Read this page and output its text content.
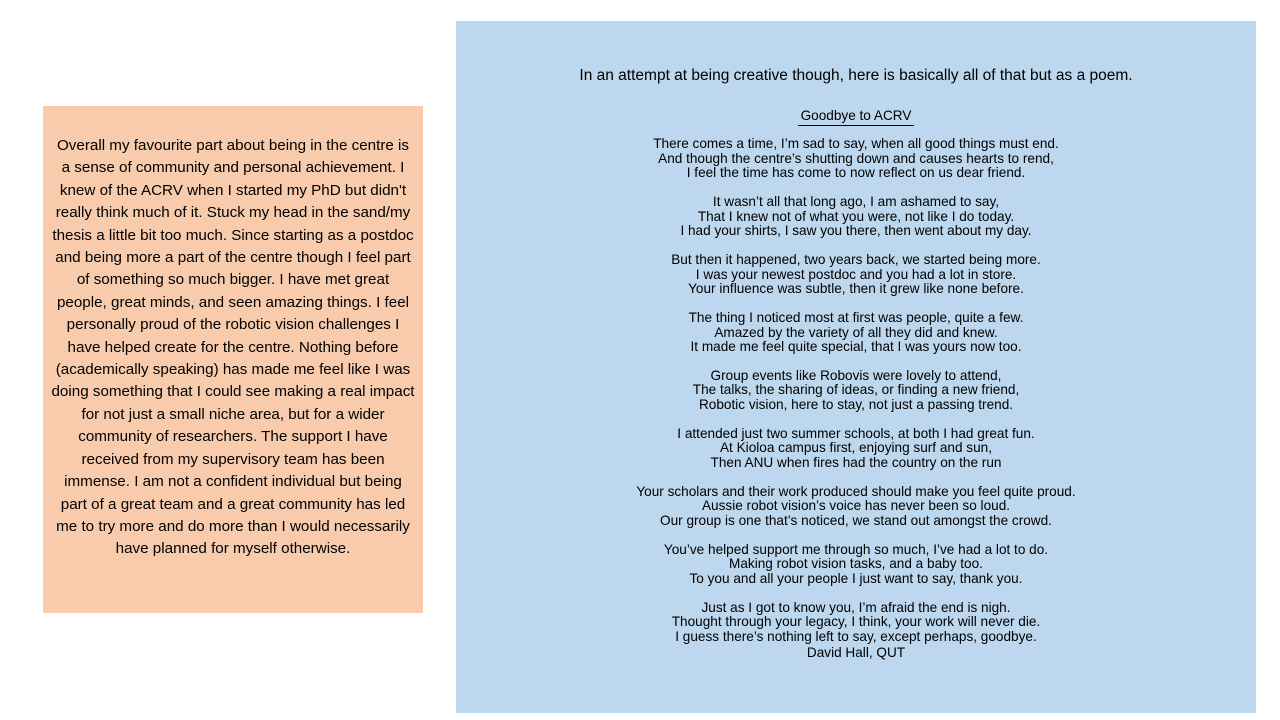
Overall my favourite part about being in the centre is a sense of community and personal achievement. I knew of the ACRV when I started my PhD but didn't really think much of it. Stuck my head in the sand/my thesis a little bit too much. Since starting as a postdoc and being more a part of the centre though I feel part of something so much bigger. I have met great people, great minds, and seen amazing things. I feel personally proud of the robotic vision challenges I have helped create for the centre. Nothing before (academically speaking) has made me feel like I was doing something that I could see making a real impact for not just a small niche area, but for a wider community of researchers. The support I have received from my supervisory team has been immense. I am not a confident individual but being part of a great team and a great community has led me to try more and do more than I would necessarily have planned for myself otherwise.
In an attempt at being creative though, here is basically all of that but as a poem.
Goodbye to ACRV
There comes a time, I’m sad to say, when all good things must end.
And though the centre’s shutting down and causes hearts to rend,
I feel the time has come to now reflect on us dear friend.
It wasn’t all that long ago, I am ashamed to say,
That I knew not of what you were, not like I do today.
I had your shirts, I saw you there, then went about my day.
But then it happened, two years back, we started being more.
I was your newest postdoc and you had a lot in store.
Your influence was subtle, then it grew like none before.
The thing I noticed most at first was people, quite a few.
Amazed by the variety of all they did and knew.
It made me feel quite special, that I was yours now too.
Group events like Robovis were lovely to attend,
The talks, the sharing of ideas, or finding a new friend,
Robotic vision, here to stay, not just a passing trend.
I attended just two summer schools, at both I had great fun.
At Kioloa campus first, enjoying surf and sun,
Then ANU when fires had the country on the run
Your scholars and their work produced should make you feel quite proud.
Aussie robot vision’s voice has never been so loud.
Our group is one that’s noticed, we stand out amongst the crowd.
You’ve helped support me through so much, I’ve had a lot to do.
Making robot vision tasks, and a baby too.
To you and all your people I just want to say, thank you.
Just as I got to know you, I’m afraid the end is nigh.
Thought through your legacy, I think, your work will never die.
I guess there’s nothing left to say, except perhaps, goodbye.
David Hall, QUT
